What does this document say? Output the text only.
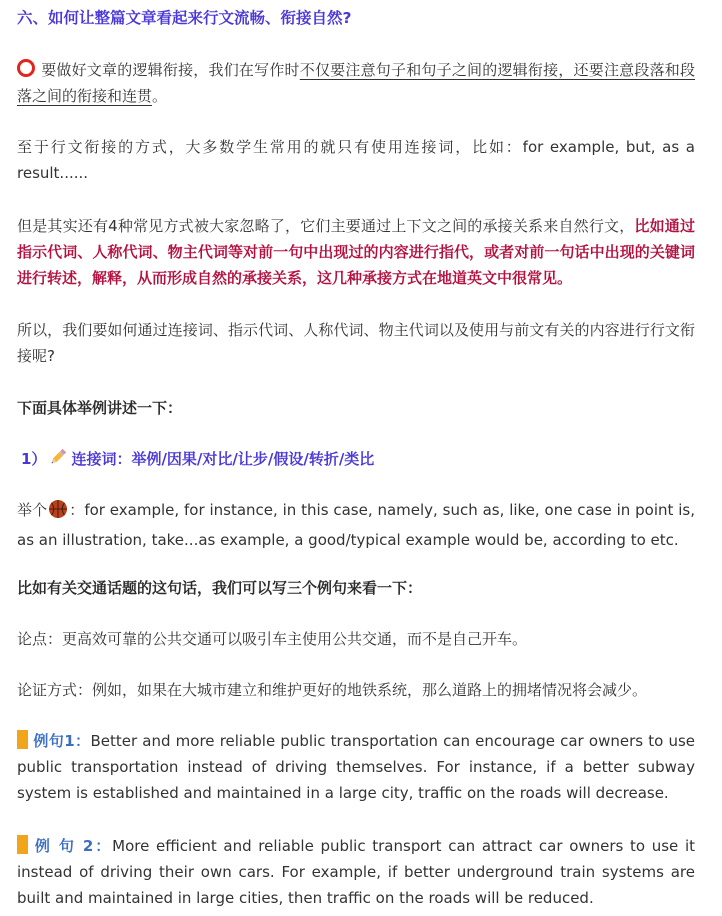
六、如何让整篇文章看起来行文流畅、衔接自然?

要做好文章的逻辑衔接，我们在写作时不仅要注意句子和句子之间的逻辑衔接，还要注意段落和段落之间的衔接和连贯。

至于行文衔接的方式，大多数学生常用的就只有使用连接词，比如：for example, but, as a result......

但是其实还有4种常见方式被大家忽略了，它们主要通过上下文之间的承接关系来自然行文，比如通过指示代词、人称代词、物主代词等对前一句中出现过的内容进行指代，或者对前一句话中出现的关键词进行转述，解释，从而形成自然的承接关系，这几种承接方式在地道英文中很常见。

所以，我们要如何通过连接词、指示代词、人称代词、物主代词以及使用与前文有关的内容进行行文衔接呢?

下面具体举例讲述一下：

1） 连接词：举例/因果/对比/让步/假设/转折/类比

举个 ：for example, for instance, in this case, namely, such as, like, one case in point is, as an illustration, take...as example, a good/typical example would be, according to etc.

比如有关交通话题的这句话，我们可以写三个例句来看一下：

论点：更高效可靠的公共交通可以吸引车主使用公共交通，而不是自己开车。

论证方式：例如，如果在大城市建立和维护更好的地铁系统，那么道路上的拥堵情况将会减少。

例句1：Better and more reliable public transportation can encourage car owners to use public transportation instead of driving themselves. For instance, if a better subway system is established and maintained in a large city, traffic on the roads will decrease.

例 句 2：More efficient and reliable public transport can attract car owners to use it instead of driving their own cars. For example, if better underground train systems are built and maintained in large cities, then traffic on the roads will be reduced.
